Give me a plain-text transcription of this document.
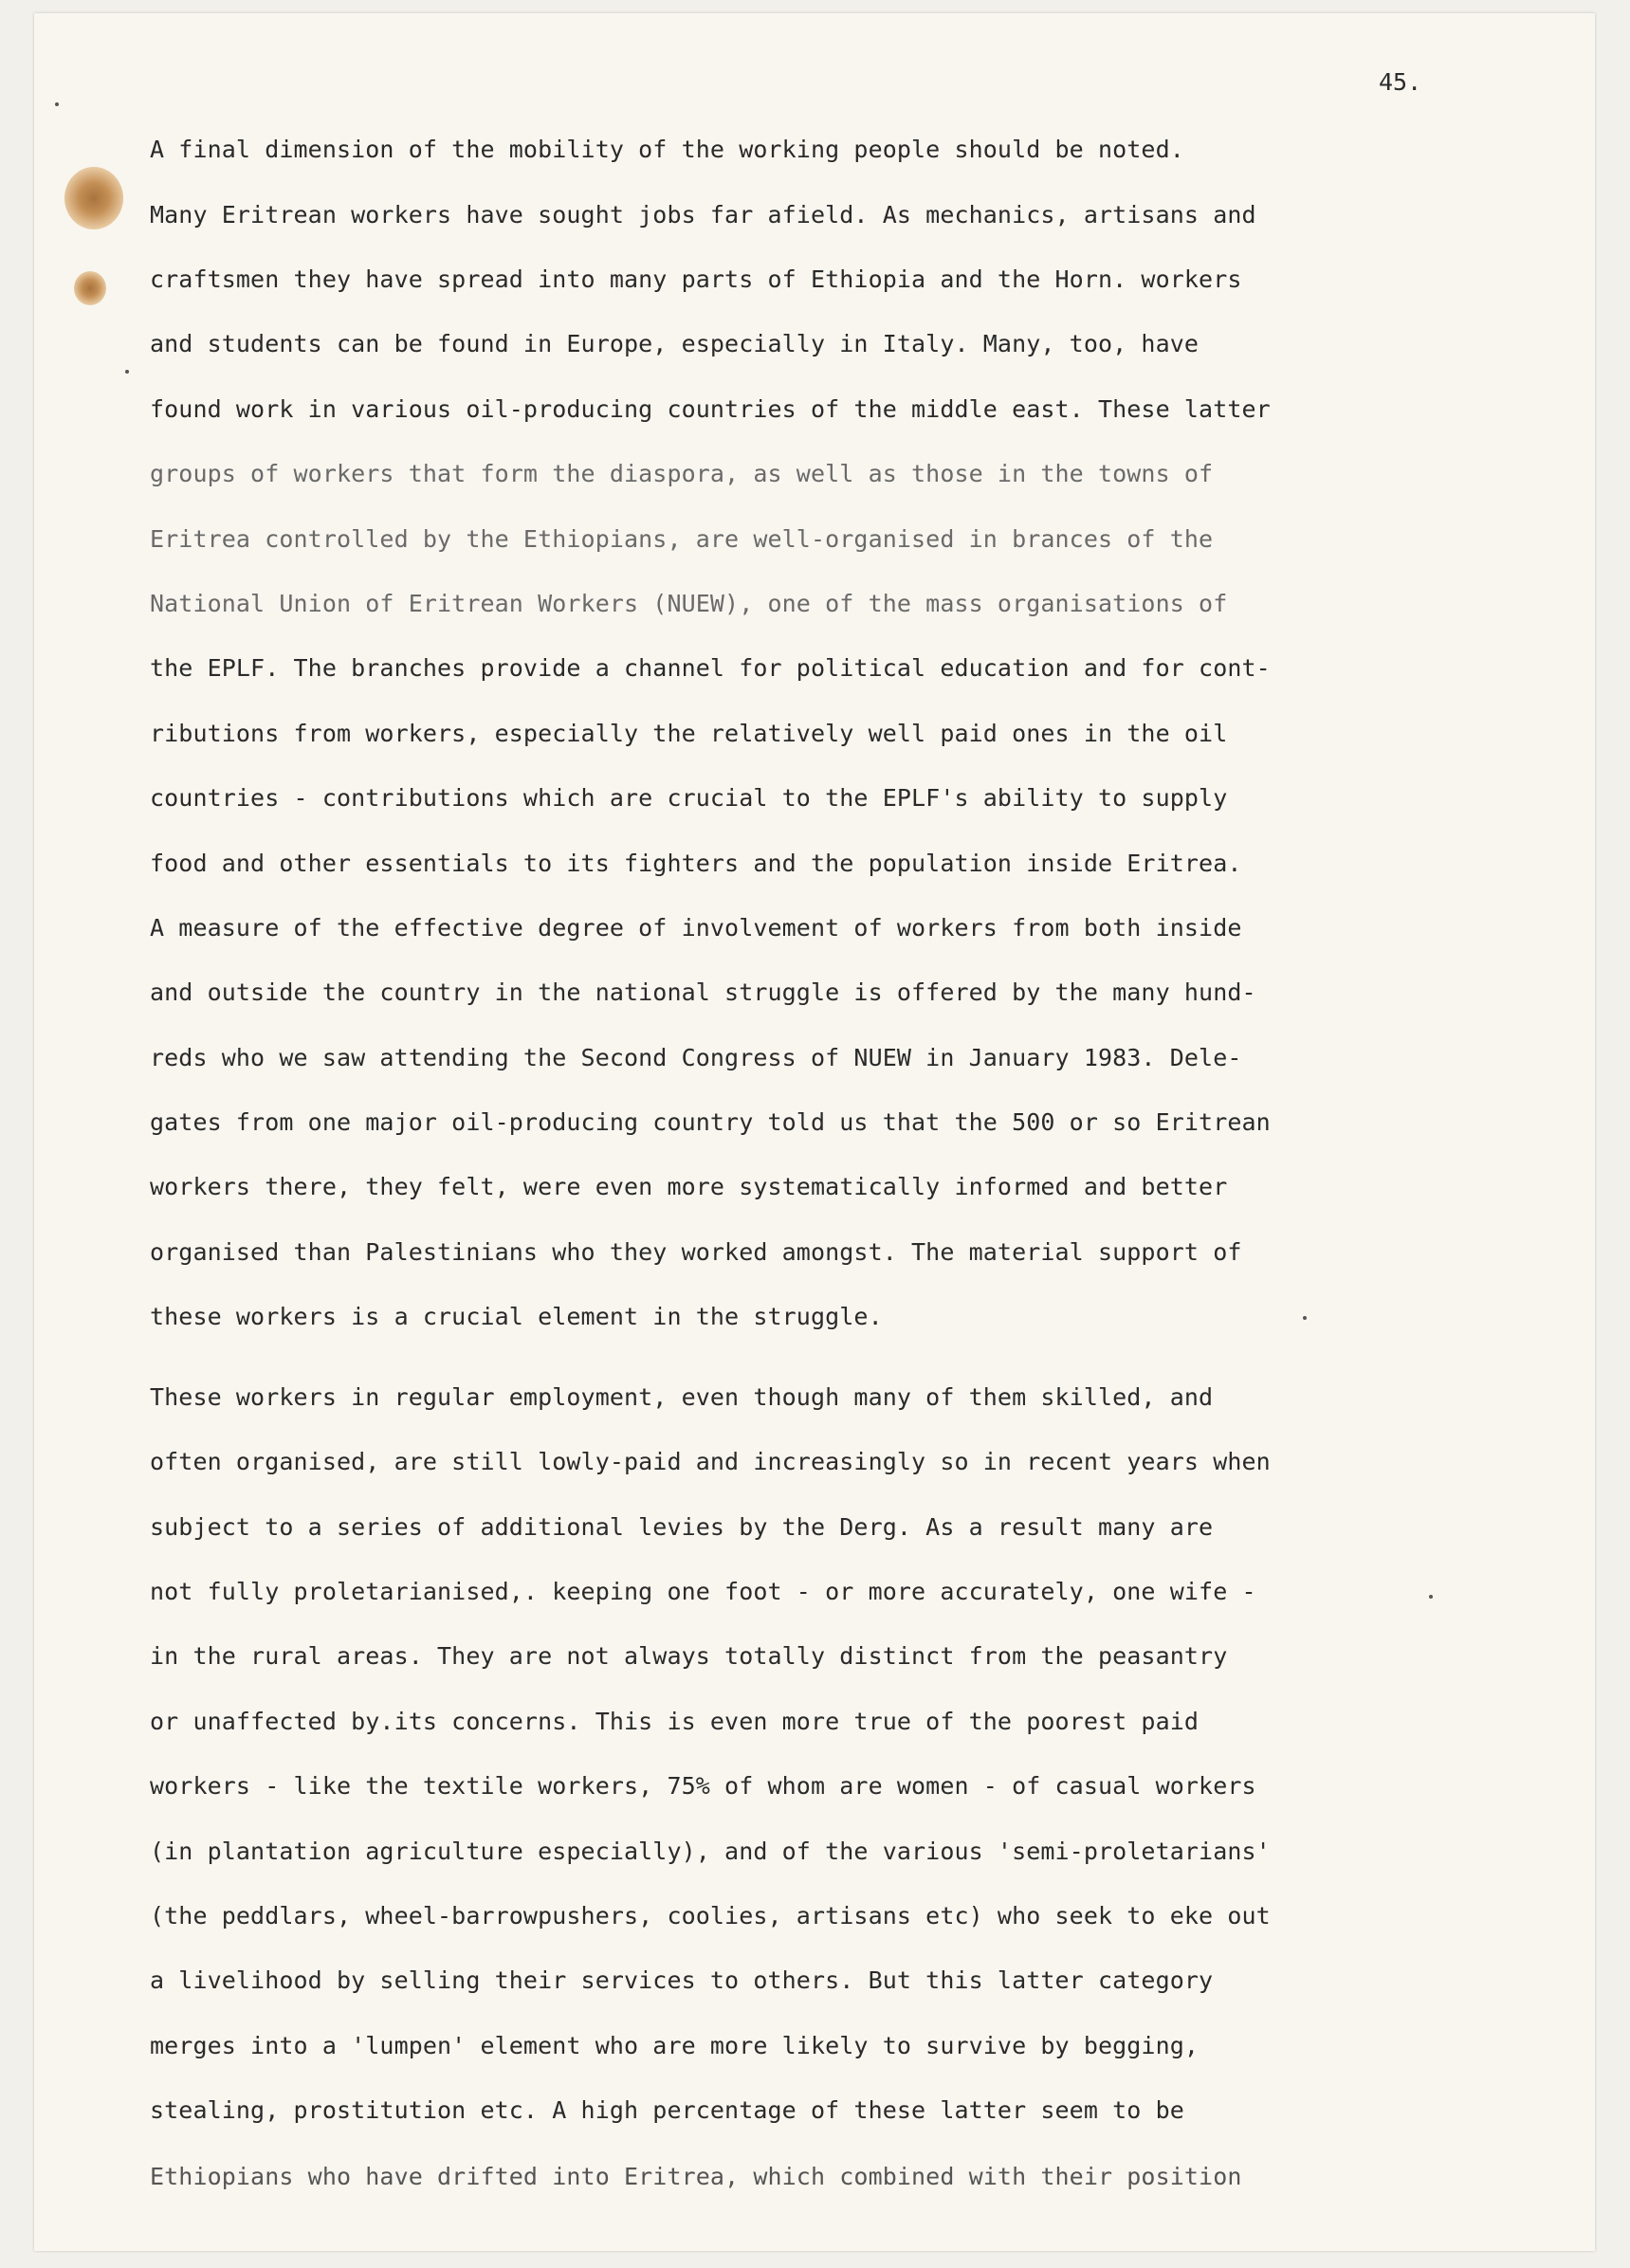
45.

A final dimension of the mobility of the working people should be noted.

Many Eritrean workers have sought jobs far afield. As mechanics, artisans and

craftsmen they have spread into many parts of Ethiopia and the Horn. workers

and students can be found in Europe, especially in Italy. Many, too, have

found work in various oil-producing countries of the middle east. These latter

groups of workers that form the diaspora, as well as those in the towns of

Eritrea controlled by the Ethiopians, are well-organised in brances of the

National Union of Eritrean Workers (NUEW), one of the mass organisations of

the EPLF. The branches provide a channel for political education and for cont-

ributions from workers, especially the relatively well paid ones in the oil

countries - contributions which are crucial to the EPLF's ability to supply

food and other essentials to its fighters and the population inside Eritrea.

A measure of the effective degree of involvement of workers from both inside

and outside the country in the national struggle is offered by the many hund-

reds who we saw attending the Second Congress of NUEW in January 1983. Dele-

gates from one major oil-producing country told us that the 500 or so Eritrean

workers there, they felt, were even more systematically informed and better

organised than Palestinians who they worked amongst. The material support of

these workers is a crucial element in the struggle.

These workers in regular employment, even though many of them skilled, and

often organised, are still lowly-paid and increasingly so in recent years when

subject to a series of additional levies by the Derg. As a result many are

not fully proletarianised,. keeping one foot - or more accurately, one wife -

in the rural areas. They are not always totally distinct from the peasantry

or unaffected by.its concerns. This is even more true of the poorest paid

workers - like the textile workers, 75% of whom are women - of casual workers

(in plantation agriculture especially), and of the various 'semi-proletarians'

(the peddlars, wheel-barrowpushers, coolies, artisans etc) who seek to eke out

a livelihood by selling their services to others. But this latter category

merges into a 'lumpen' element who are more likely to survive by begging,

stealing, prostitution etc. A high percentage of these latter seem to be
